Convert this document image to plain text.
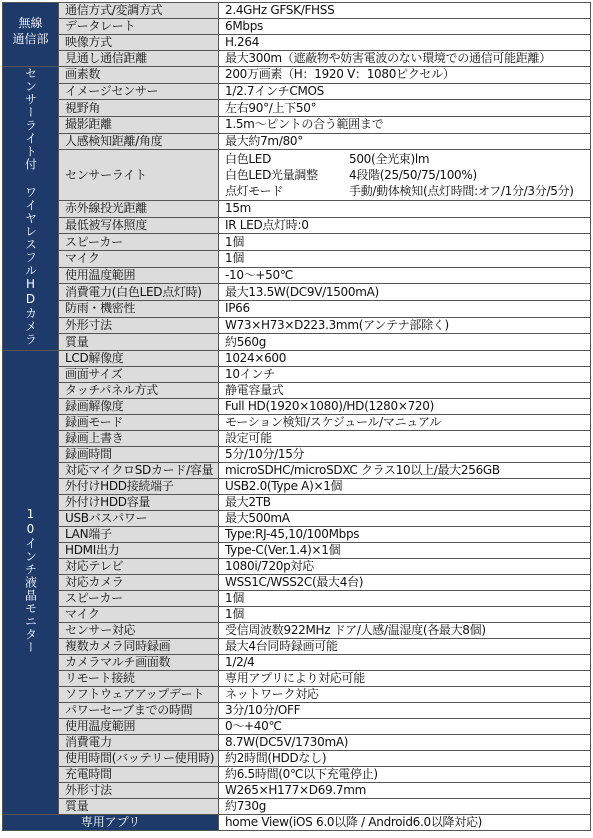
無線
通信部	通信方式/変調方式	2.4GHz GFSK/FHSS
	データレート	6Mbps
	映像方式	H.264
	見通し通信距離	最大300m（遮蔽物や妨害電波のない環境での通信可能距離）
センサーライト付 ワイヤレスフルHDカメラ	画素数	200万画素（H：1920 V：1080ピクセル）
	イメージセンサー	1/2.7インチCMOS
	視野角	左右90°/上下50°
	撮影距離	1.5m〜ピントの合う範囲まで
	人感検知距離/角度	最大約7m/80°
	センサーライト	白色LED 500(全光束)lm
白色LED光量調整 4段階(25/50/75/100%)
点灯モード 手動/動体検知(点灯時間:オフ/1分/3分/5分)

	赤外線投光距離	15m
	最低被写体照度	IR LED点灯時:0
	スピーカー	1個
	マイク	1個
	使用温度範囲	-10〜+50℃
	消費電力(白色LED点灯時)	最大13.5W(DC9V/1500mA)
	防雨・機密性	IP66
	外形寸法	W73×H73×D223.3mm(アンテナ部除く)
	質量	約560g
10インチ液晶モニター	LCD解像度	1024×600
	画面サイズ	10インチ
	タッチパネル方式	静電容量式
	録画解像度	Full HD(1920×1080)/HD(1280×720)
	録画モード	モーション検知/スケジュール/マニュアル
	録画上書き	設定可能
	録画時間	5分/10分/15分
	対応マイクロSDカード/容量	microSDHC/microSDXC クラス10以上/最大256GB
	外付けHDD接続端子	USB2.0(Type A)×1個
	外付けHDD容量	最大2TB
	USBバスパワー	最大500mA
	LAN端子	Type:RJ-45,10/100Mbps
	HDMI出力	Type-C(Ver.1.4)×1個
	対応テレビ	1080i/720p対応
	対応カメラ	WSS1C/WSS2C(最大4台)
	スピーカー	1個
	マイク	1個
	センサー対応	受信周波数922MHz ドア/人感/温湿度(各最大8個)
	複数カメラ同時録画	最大4台同時録画可能
	カメラマルチ画面数	1/2/4
	リモート接続	専用アプリにより対応可能
	ソフトウェアアップデート	ネットワーク対応
	パワーセーブまでの時間	3分/10分/OFF
	使用温度範囲	0〜+40℃
	消費電力	8.7W(DC5V/1730mA)
	使用時間(バッテリー使用時)	約2時間(HDDなし)
	充電時間	約6.5時間(0℃以下充電停止)
	外形寸法	W265×H177×D69.7mm
	質量	約730g
専用アプリ		home View(iOS 6.0以降 / Android6.0以降対応)
